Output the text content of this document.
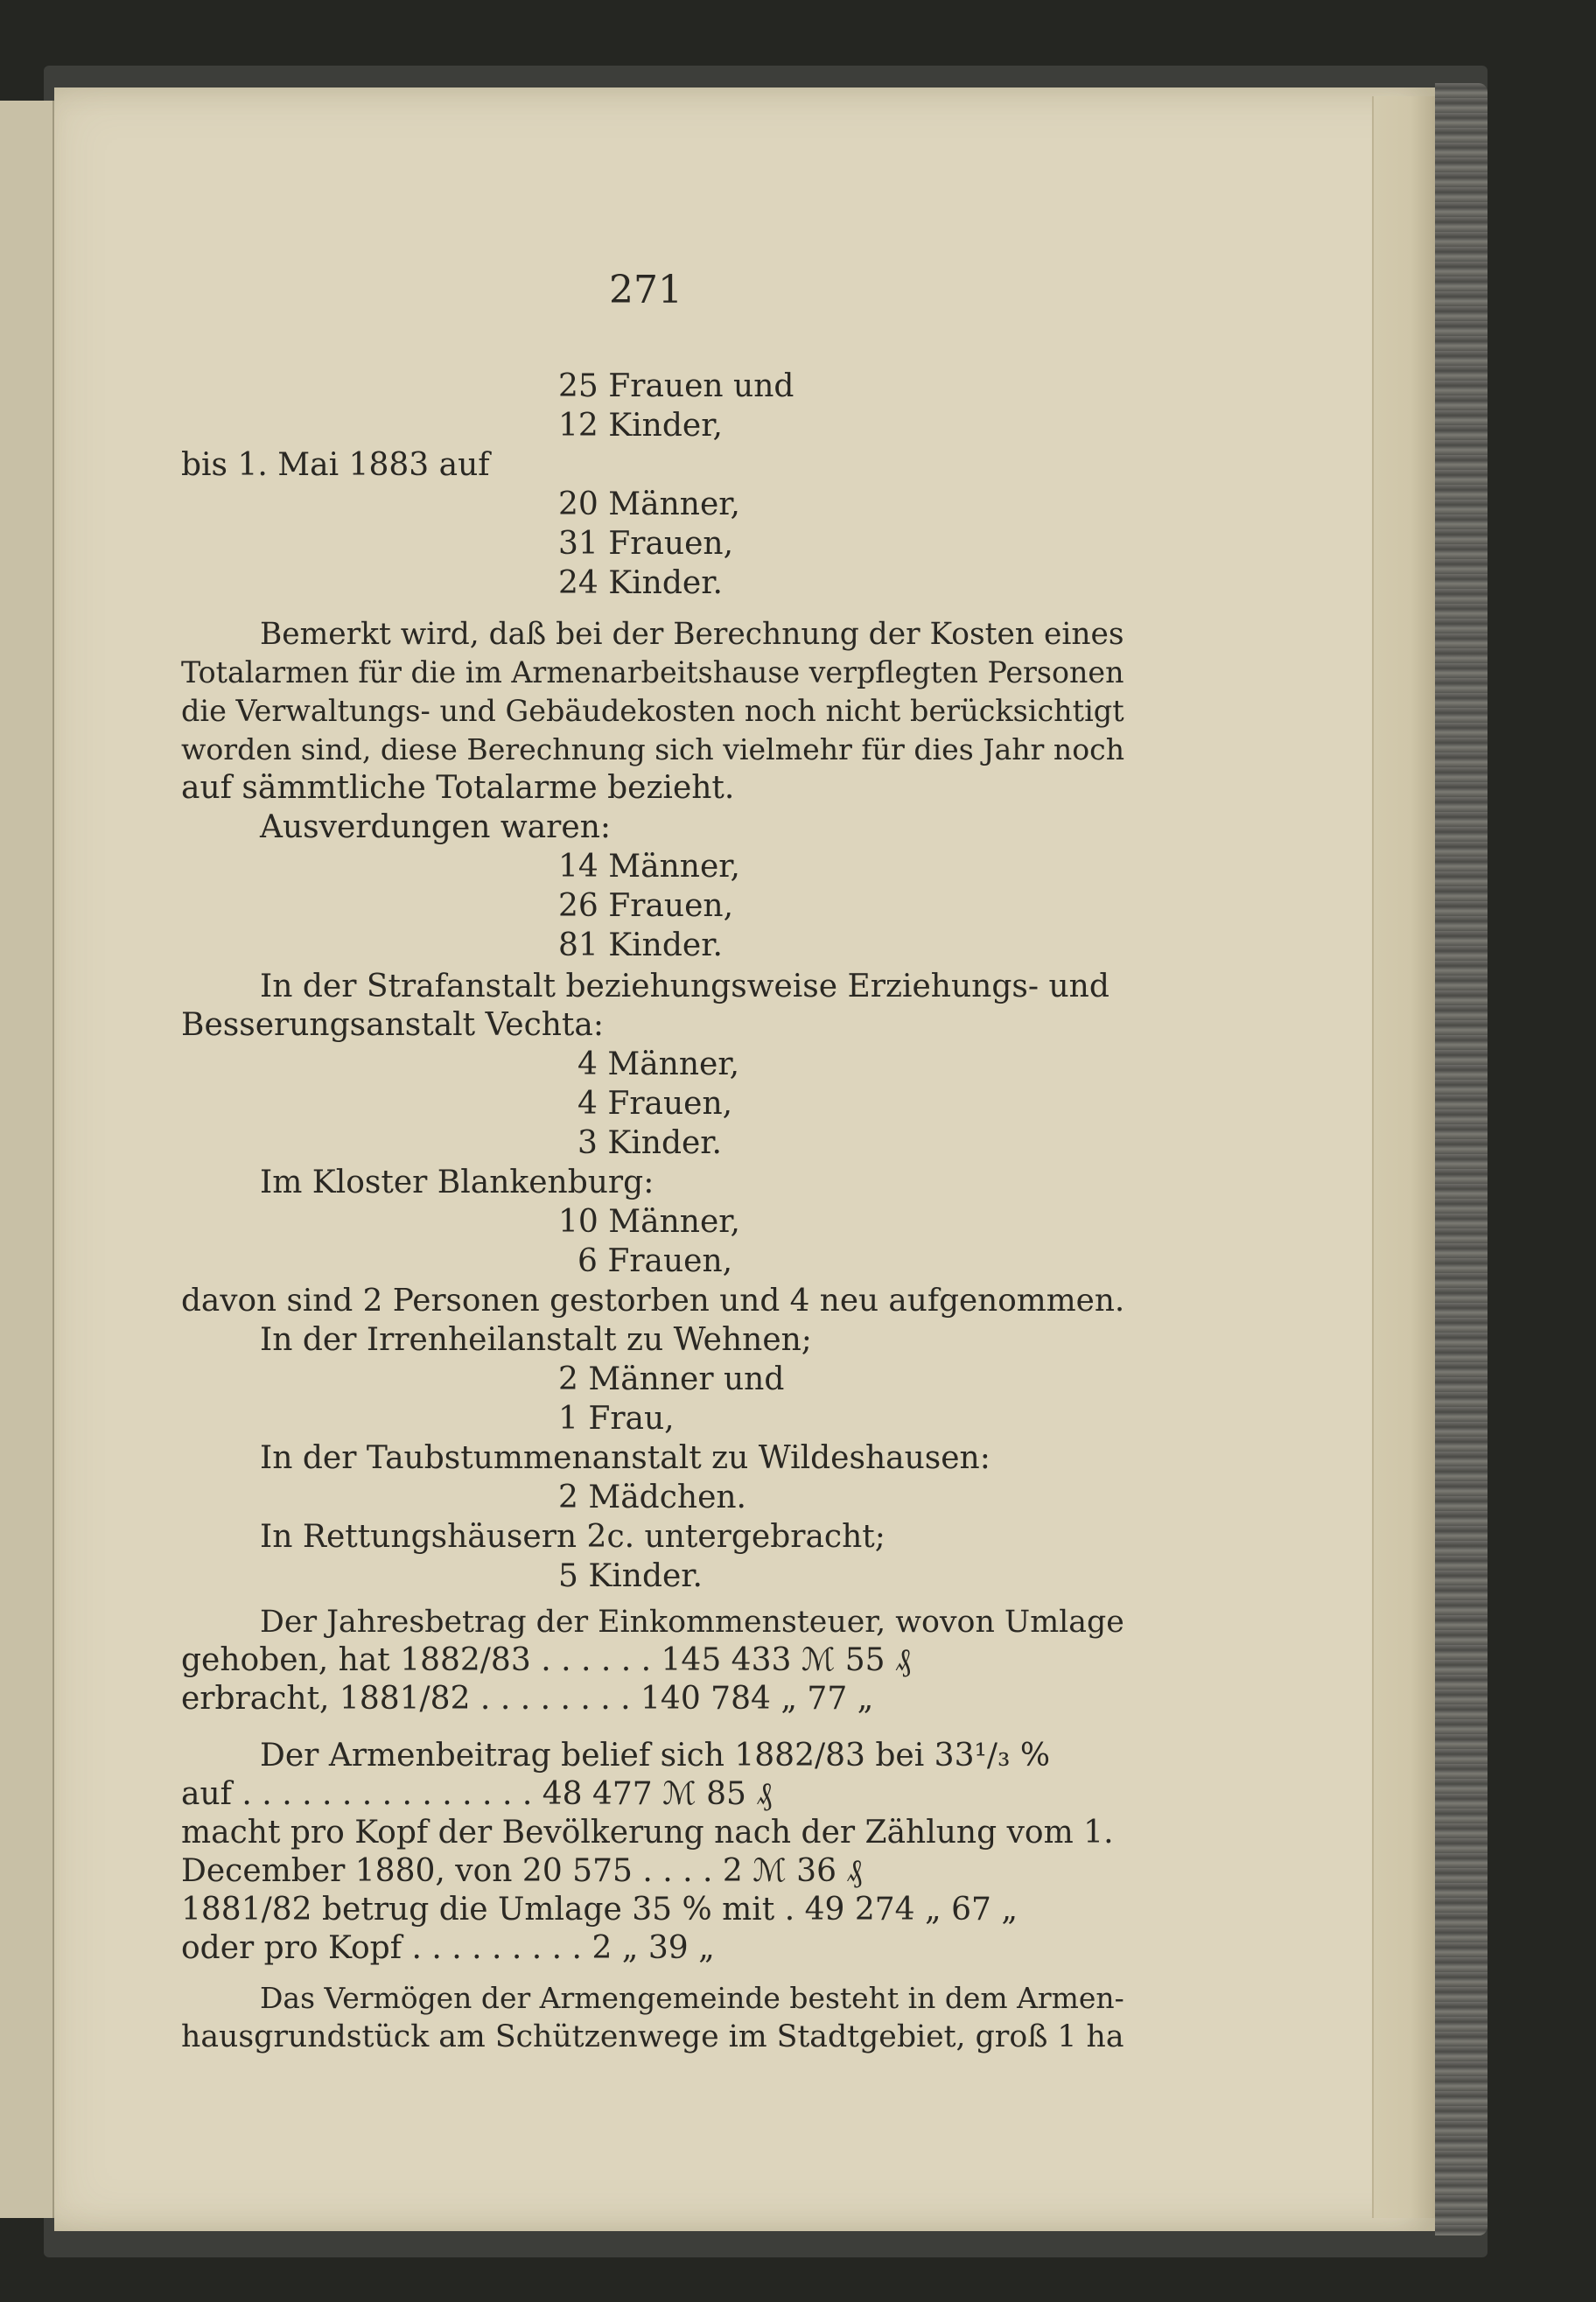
271
25 Frauen und
12 Kinder,
bis 1. Mai 1883 auf
20 Männer,
31 Frauen,
24 Kinder.
Bemerkt wird, daß bei der Berechnung der Kosten eines
Totalarmen für die im Armenarbeitshause verpflegten Personen
die Verwaltungs- und Gebäudekosten noch nicht berücksichtigt
worden sind, diese Berechnung sich vielmehr für dies Jahr noch
auf sämmtliche Totalarme bezieht.
Ausverdungen waren:
14 Männer,
26 Frauen,
81 Kinder.
In der Strafanstalt beziehungsweise Erziehungs- und
Besserungsanstalt Vechta:
4 Männer,
4 Frauen,
3 Kinder.
Im Kloster Blankenburg:
10 Männer,
6 Frauen,
davon sind 2 Personen gestorben und 4 neu aufgenommen.
In der Irrenheilanstalt zu Wehnen;
2 Männer und
1 Frau,
In der Taubstummenanstalt zu Wildeshausen:
2 Mädchen.
In Rettungshäusern 2c. untergebracht;
5 Kinder.
Der Jahresbetrag der Einkommensteuer, wovon Umlage
gehoben, hat 1882/83 . . . . . . 145 433 ℳ 55 ₰
erbracht, 1881/82 . . . . . . . . 140 784 „ 77 „
Der Armenbeitrag belief sich 1882/83 bei 33¹/₃ %
auf . . . . . . . . . . . . . . . 48 477 ℳ 85 ₰
macht pro Kopf der Bevölkerung nach der Zählung vom 1.
December 1880, von 20 575 . . . . 2 ℳ 36 ₰
1881/82 betrug die Umlage 35 % mit . 49 274 „ 67 „
oder pro Kopf . . . . . . . . . 2 „ 39 „
Das Vermögen der Armengemeinde besteht in dem Armen-
hausgrundstück am Schützenwege im Stadtgebiet, groß 1 ha
